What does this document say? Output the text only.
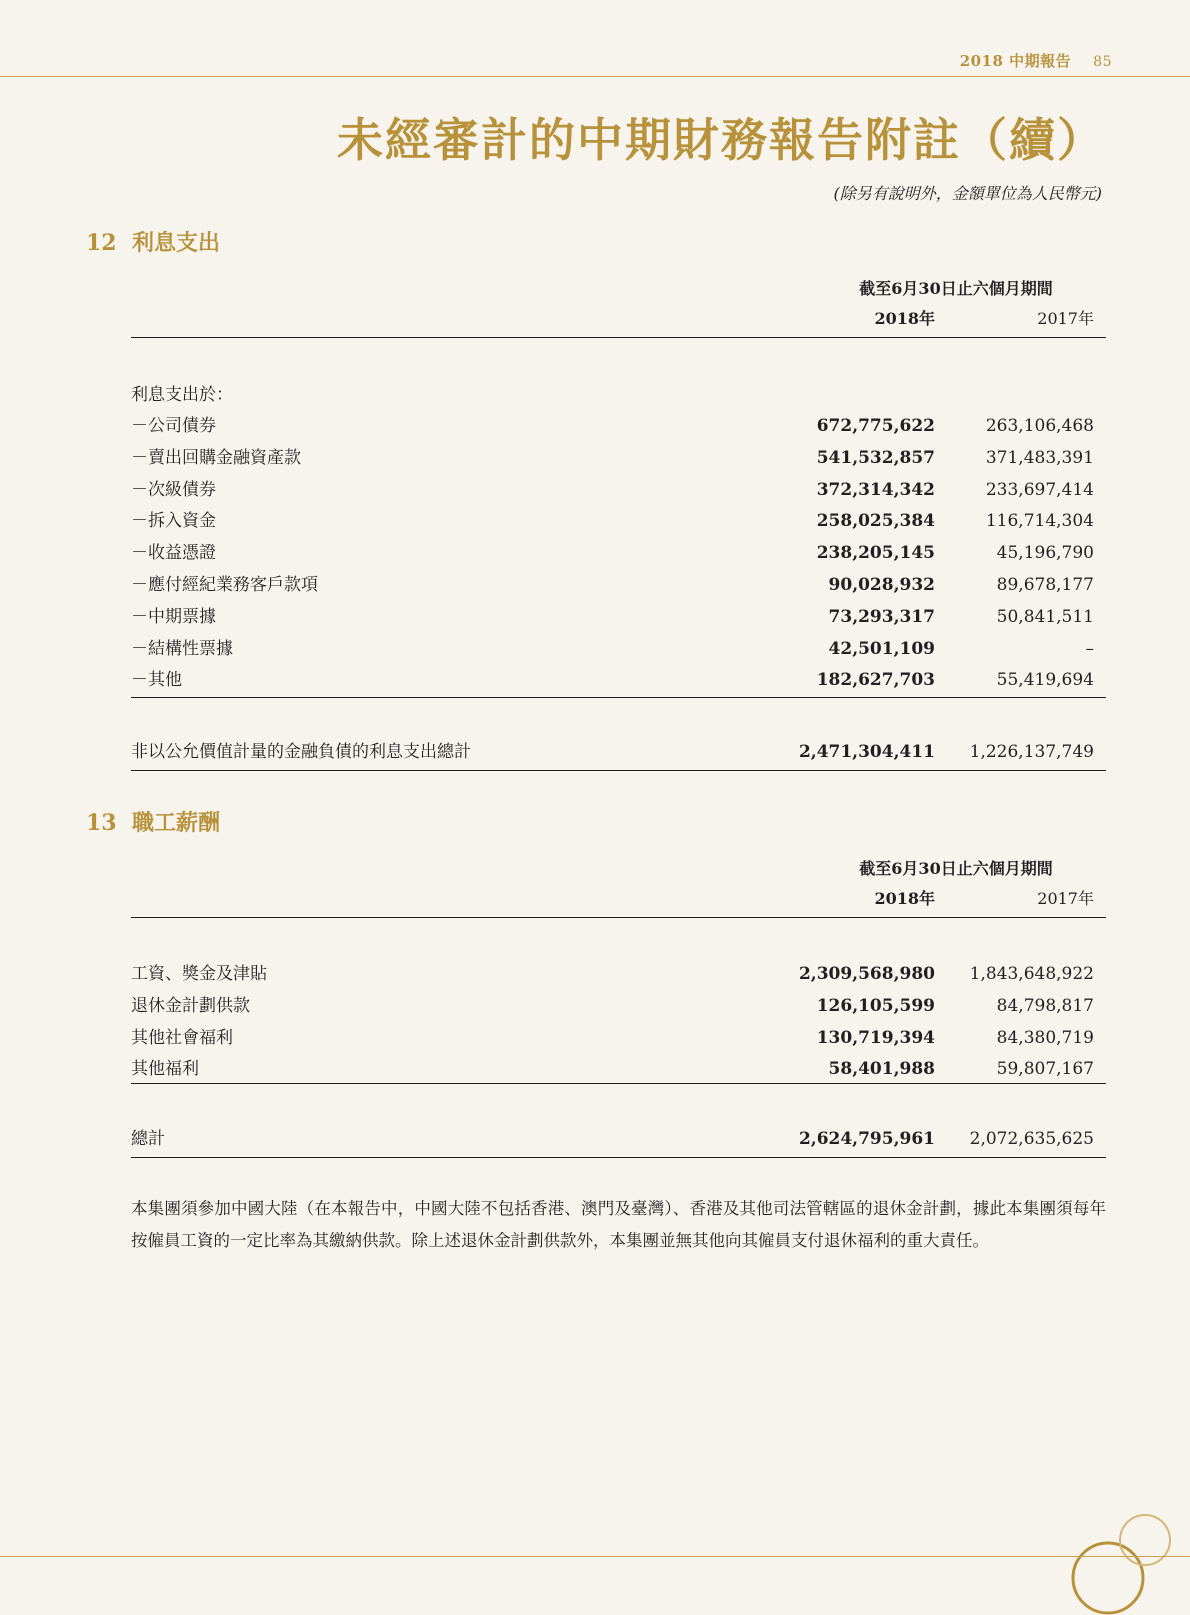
2018 中期報告 85
未經審計的中期財務報告附註（續）
(除另有說明外，金額單位為人民幣元)
12 利息支出
截至6月30日止六個月期間
2018年	2017年
利息支出於：
－公司債券	672,775,622	263,106,468
－賣出回購金融資產款	541,532,857	371,483,391
－次級債券	372,314,342	233,697,414
－拆入資金	258,025,384	116,714,304
－收益憑證	238,205,145	45,196,790
－應付經紀業務客戶款項	90,028,932	89,678,177
－中期票據	73,293,317	50,841,511
－結構性票據	42,501,109	–
－其他	182,627,703	55,419,694
非以公允價值計量的金融負債的利息支出總計	2,471,304,411 1,226,137,749
13 職工薪酬
截至6月30日止六個月期間
2018年	2017年
工資、獎金及津貼	2,309,568,980 1,843,648,922
退休金計劃供款	126,105,599	84,798,817
其他社會福利	130,719,394	84,380,719
其他福利	58,401,988	59,807,167
總計	2,624,795,961 2,072,635,625
本集團須參加中國大陸（在本報告中，中國大陸不包括香港、澳門及臺灣）、香港及其他司法管轄區的退休金計劃，據此本集團須每年按僱員工資的一定比率為其繳納供款。除上述退休金計劃供款外，本集團並無其他向其僱員支付退休福利的重大責任。
